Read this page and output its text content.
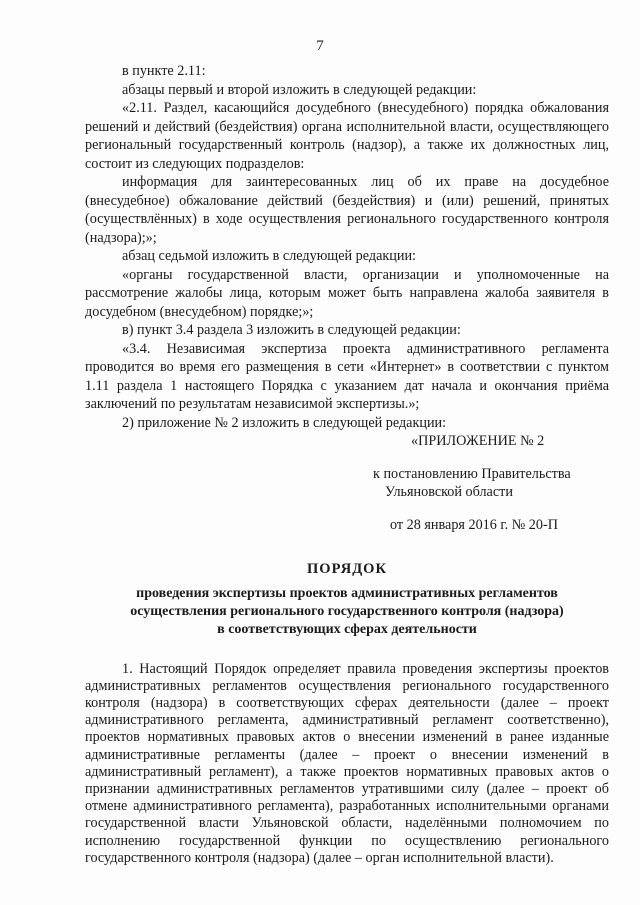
7

в пункте 2.11:

абзацы первый и второй изложить в следующей редакции:

«2.11. Раздел, касающийся досудебного (внесудебного) порядка обжалования решений и действий (бездействия) органа исполнительной власти, осуществляющего региональный государственный контроль (надзор), а также их должностных лиц, состоит из следующих подразделов:

информация для заинтересованных лиц об их праве на досудебное (внесудебное) обжалование действий (бездействия) и (или) решений, принятых (осуществлённых) в ходе осуществления регионального государственного контроля (надзора);»;

абзац седьмой изложить в следующей редакции:

«органы государственной власти, организации и уполномоченные на рассмотрение жалобы лица, которым может быть направлена жалоба заявителя в досудебном (внесудебном) порядке;»;

в) пункт 3.4 раздела 3 изложить в следующей редакции:

«3.4. Независимая экспертиза проекта административного регламента проводится во время его размещения в сети «Интернет» в соответствии с пунктом 1.11 раздела 1 настоящего Порядка с указанием дат начала и окончания приёма заключений по результатам независимой экспертизы.»;

2) приложение № 2 изложить в следующей редакции:

«ПРИЛОЖЕНИЕ № 2

к постановлению Правительства

Ульяновской области

от 28 января 2016 г. № 20-П

ПОРЯДОК

проведения экспертизы проектов административных регламентов

осуществления регионального государственного контроля (надзора)

в соответствующих сферах деятельности

1. Настоящий Порядок определяет правила проведения экспертизы проектов административных регламентов осуществления регионального государственного контроля (надзора) в соответствующих сферах деятельности (далее – проект административного регламента, административный регламент соответственно), проектов нормативных правовых актов о внесении изменений в ранее изданные административные регламенты (далее – проект о внесении изменений в административный регламент), а также проектов нормативных правовых актов о признании административных регламентов утратившими силу (далее – проект об отмене административного регламента), разработанных исполнительными органами государственной власти Ульяновской области, наделёнными полномочием по исполнению государственной функции по осуществлению регионального государственного контроля (надзора) (далее – орган исполнительной власти).
